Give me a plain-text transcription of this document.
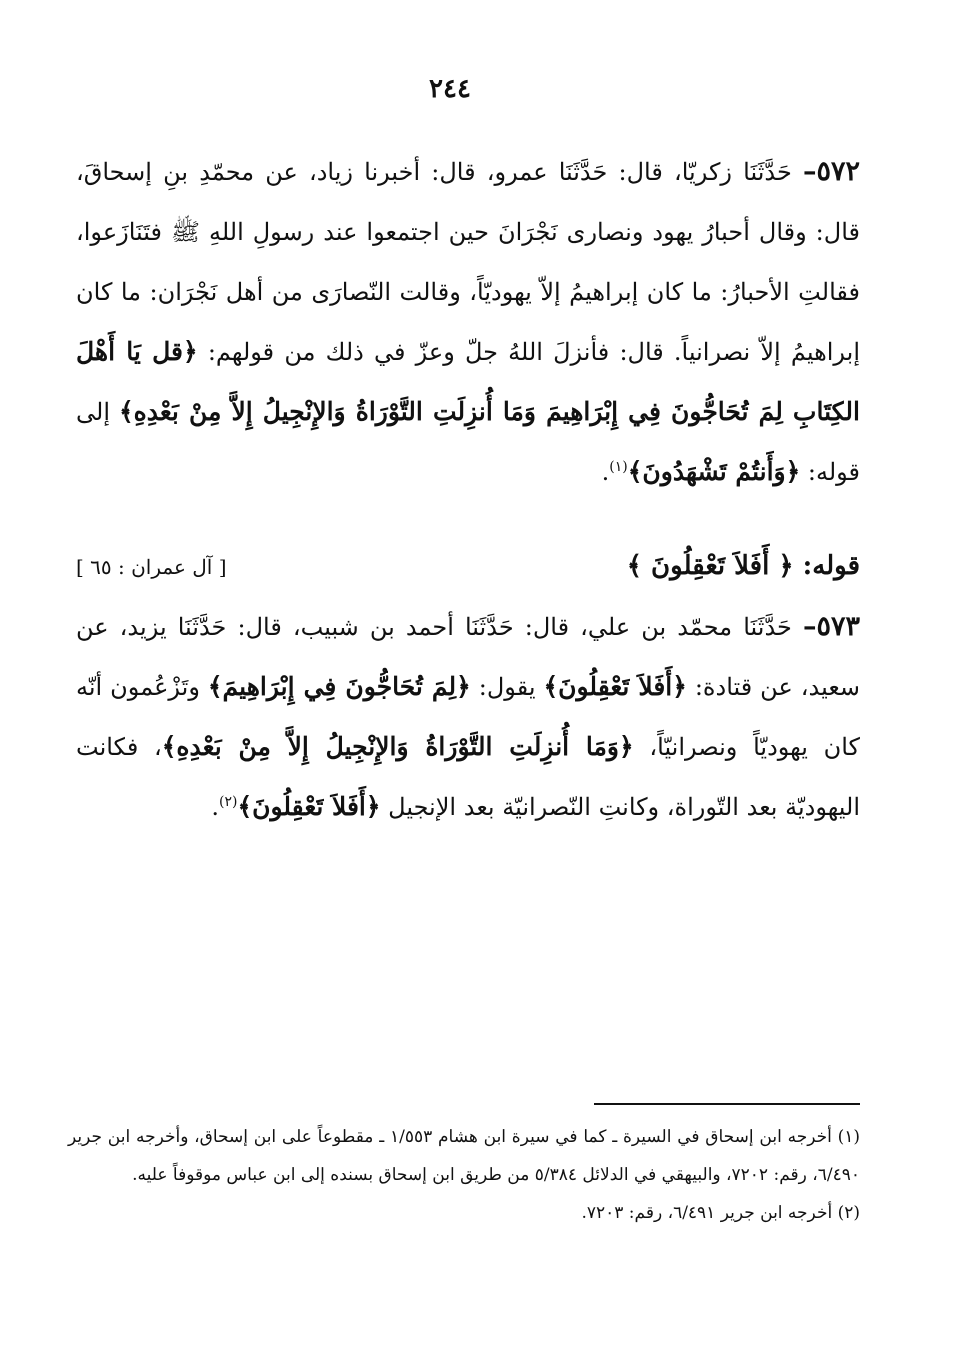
٢٤٤

٥٧٢– حَدَّثَنَا زكريّا، قال: حَدَّثَنَا عمرو، قال: أخبرنا زياد، عن محمّدِ بنِ إسحاقَ، قال: وقال أحبارُ يهود ونصارى نَجْرَانَ حين اجتمعوا عند رسولِ اللهِ ﷺ فتَنَازَعوا، فقالتِ الأحبارُ: ما كان إبراهيمُ إلاّ يهوديّاً، وقالت النّصارَى من أهل نَجْرَان: ما كان إبراهيمُ إلاّ نصرانياً. قال: فأنزلَ اللهُ جلّ وعزّ في ذلك من قولهم: ﴿قل يَا أَهْلَ الكِتَابِ لِمَ تُحَاجُّونَ فِي إِبْرَاهِيمَ وَمَا أُنزِلَتِ التَّوْرَاةُ وَالإِنْجِيلُ إِلاَّ مِنْ بَعْدِهِ﴾ إلى قوله: ﴿وَأَنتُمْ تَشْهَدُونَ﴾$^{(١)}$.

قوله: ﴿ أَفَلاَ تَعْقِلُونَ ﴾
[ آل عمران : ٦٥ ]

٥٧٣– حَدَّثَنَا محمّد بن علي، قال: حَدَّثَنَا أحمد بن شبيب، قال: حَدَّثَنَا يزيد، عن سعيد، عن قتادة: ﴿أَفَلاَ تَعْقِلُونَ﴾ يقول: ﴿لِمَ تُحَاجُّونَ فِي إِبْرَاهِيمَ﴾ وتَزْعُمون أنّه كان يهوديّاً ونصرانيّاً، ﴿وَمَا أُنزِلَتِ التَّوْرَاةُ وَالإِنْجِيلُ إِلاَّ مِنْ بَعْدِهِ﴾، فكانت اليهوديّة بعد التّوراة، وكانتِ النّصرانيّة بعد الإنجيل ﴿أَفَلاَ تَعْقِلُونَ﴾$^{(٢)}$.

(١) أخرجه ابن إسحاق في السيرة ـ كما في سيرة ابن هشام ١/٥٥٣ ـ مقطوعاً على ابن إسحاق، وأخرجه ابن جرير ٦/٤٩٠، رقم: ٧٢٠٢، والبيهقي في الدلائل ٥/٣٨٤ من طريق ابن إسحاق بسنده إلى ابن عباس موقوفاً عليه.

(٢) أخرجه ابن جرير ٦/٤٩١، رقم: ٧٢٠٣.
